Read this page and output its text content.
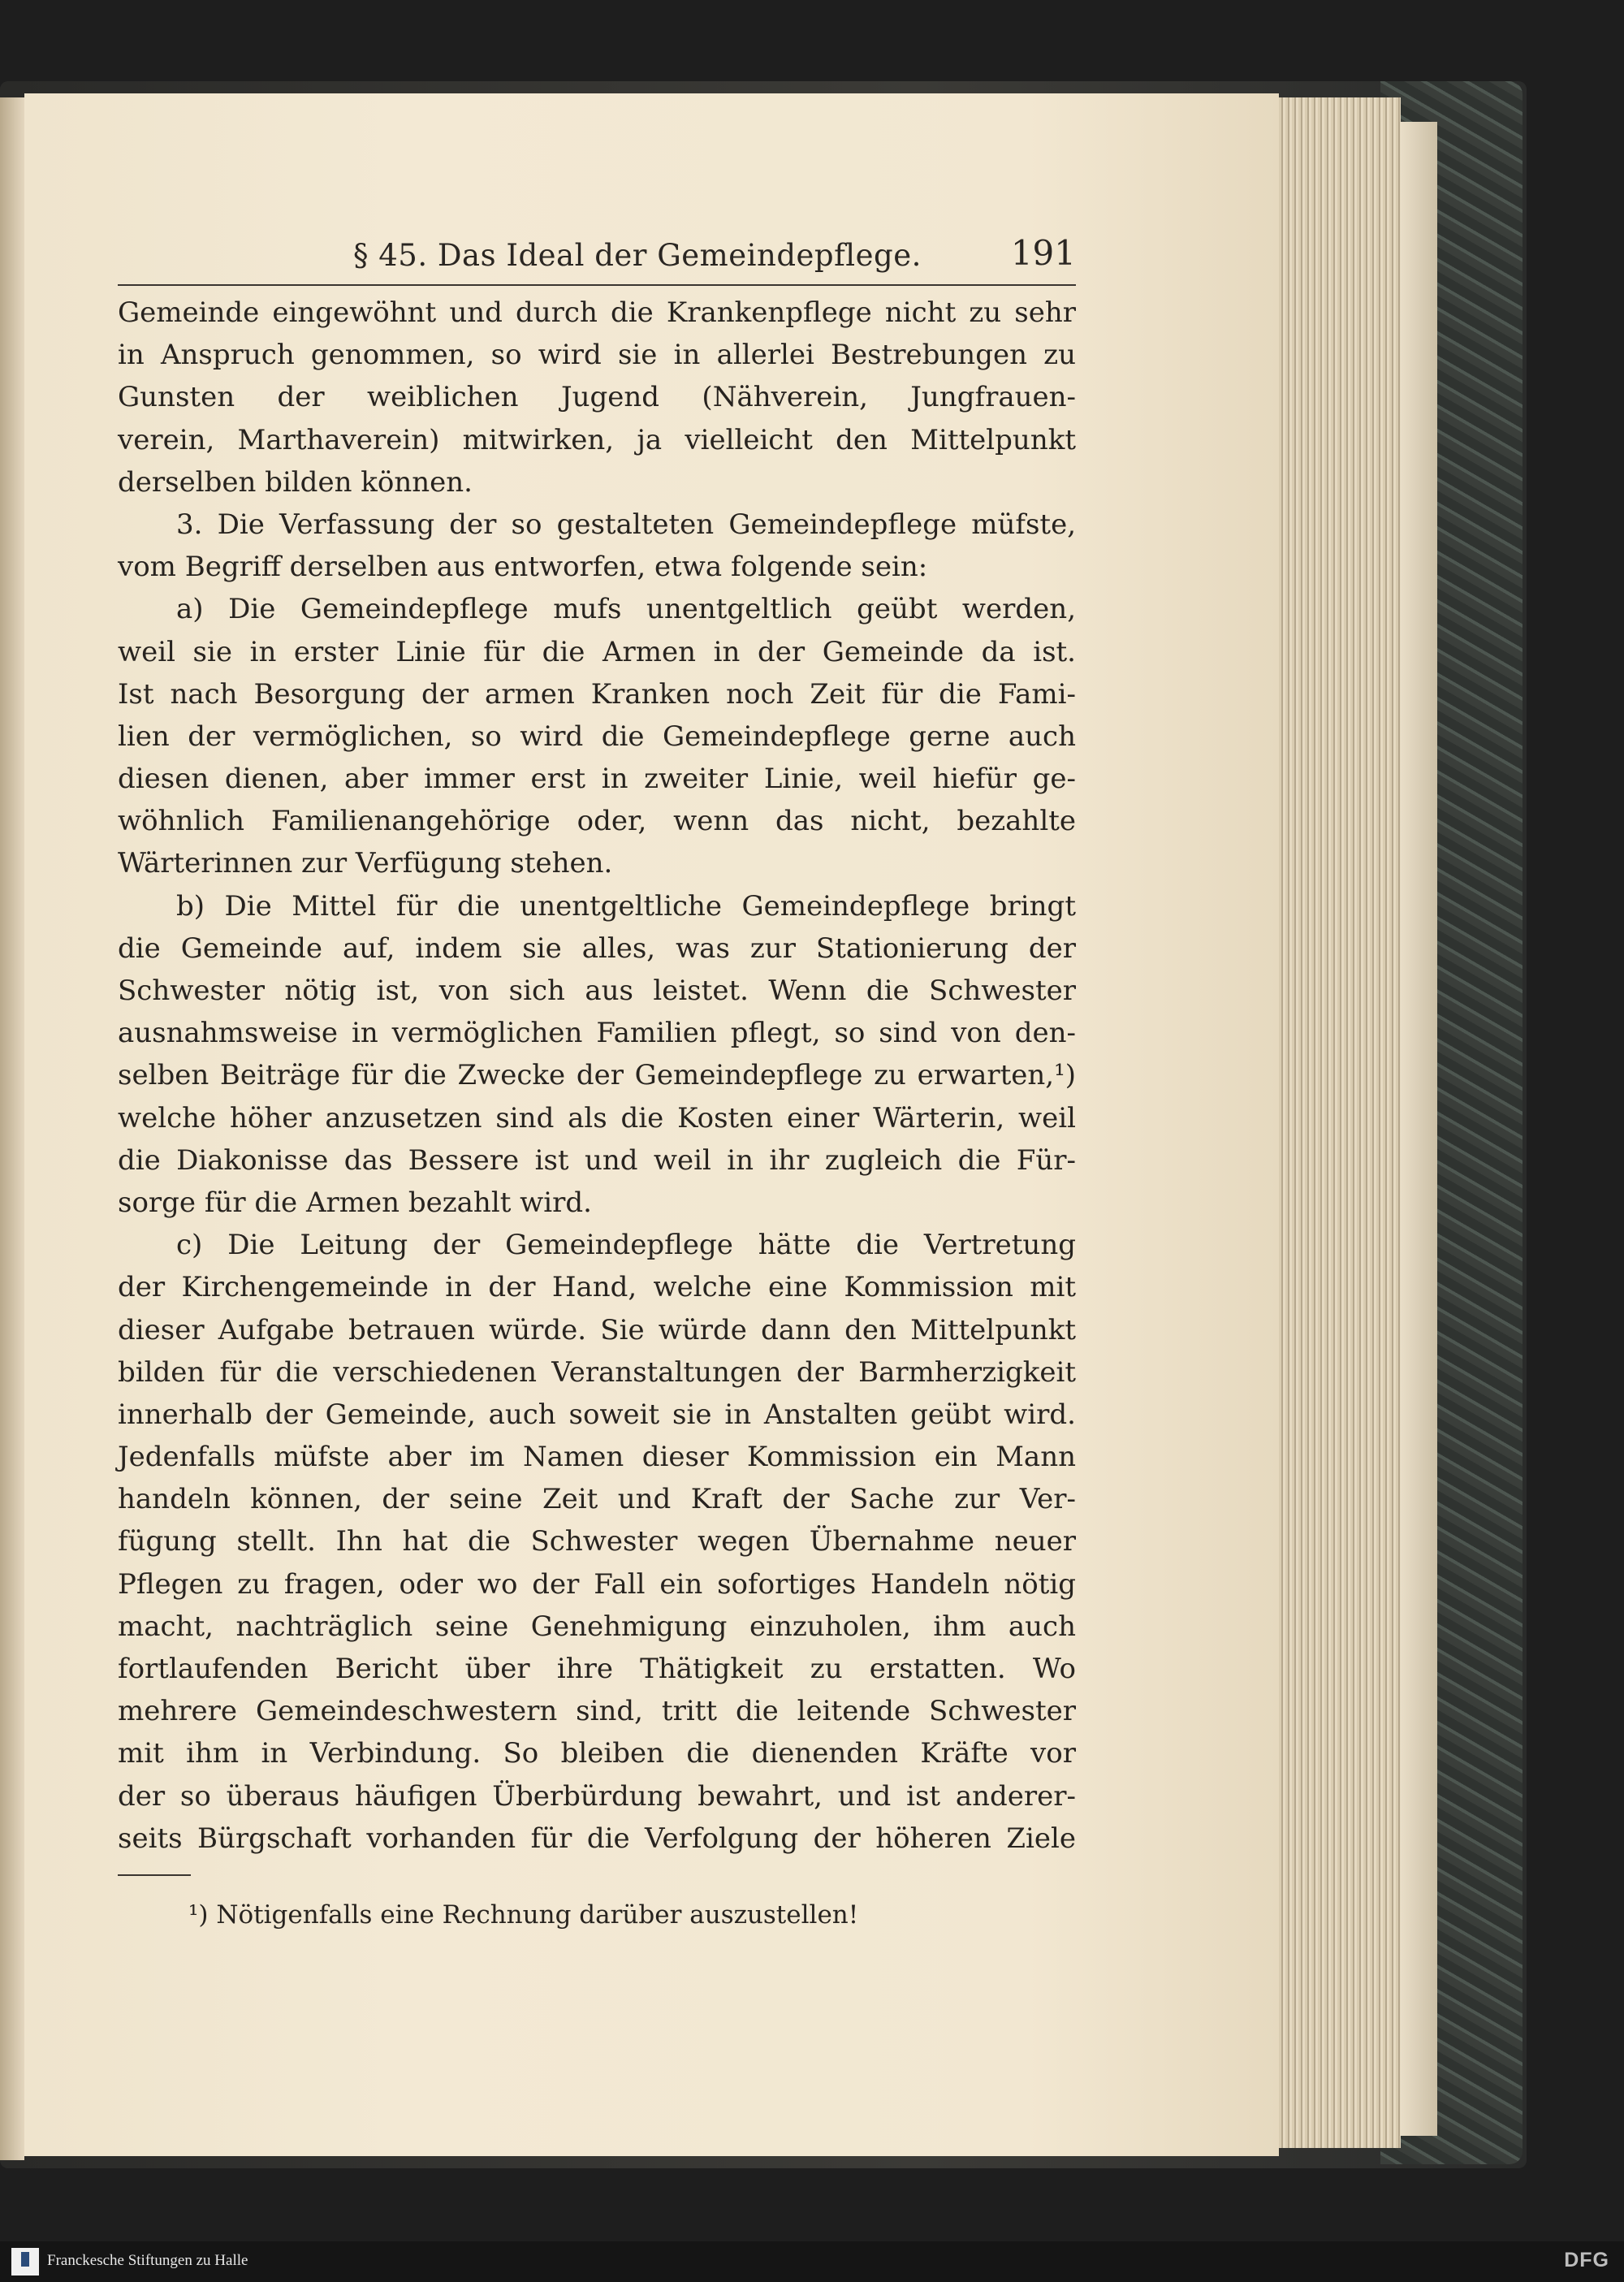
§ 45. Das Ideal der Gemeindepflege.	191
Gemeinde eingewöhnt und durch die Krankenpflege nicht zu sehr
in Anspruch genommen, so wird sie in allerlei Bestrebungen zu
Gunsten der weiblichen Jugend (Nähverein, Jungfrauen-
verein, Marthaverein) mitwirken, ja vielleicht den Mittelpunkt
derselben bilden können.
3. Die Verfassung der so gestalteten Gemeindepflege müfste,
vom Begriff derselben aus entworfen, etwa folgende sein:
a) Die Gemeindepflege mufs unentgeltlich geübt werden,
weil sie in erster Linie für die Armen in der Gemeinde da ist.
Ist nach Besorgung der armen Kranken noch Zeit für die Fami-
lien der vermöglichen, so wird die Gemeindepflege gerne auch
diesen dienen, aber immer erst in zweiter Linie, weil hiefür ge-
wöhnlich Familienangehörige oder, wenn das nicht, bezahlte
Wärterinnen zur Verfügung stehen.
b) Die Mittel für die unentgeltliche Gemeindepflege bringt
die Gemeinde auf, indem sie alles, was zur Stationierung der
Schwester nötig ist, von sich aus leistet. Wenn die Schwester
ausnahmsweise in vermöglichen Familien pflegt, so sind von den-
selben Beiträge für die Zwecke der Gemeindepflege zu erwarten,¹)
welche höher anzusetzen sind als die Kosten einer Wärterin, weil
die Diakonisse das Bessere ist und weil in ihr zugleich die Für-
sorge für die Armen bezahlt wird.
c) Die Leitung der Gemeindepflege hätte die Vertretung
der Kirchengemeinde in der Hand, welche eine Kommission mit
dieser Aufgabe betrauen würde. Sie würde dann den Mittelpunkt
bilden für die verschiedenen Veranstaltungen der Barmherzigkeit
innerhalb der Gemeinde, auch soweit sie in Anstalten geübt wird.
Jedenfalls müfste aber im Namen dieser Kommission ein Mann
handeln können, der seine Zeit und Kraft der Sache zur Ver-
fügung stellt. Ihn hat die Schwester wegen Übernahme neuer
Pflegen zu fragen, oder wo der Fall ein sofortiges Handeln nötig
macht, nachträglich seine Genehmigung einzuholen, ihm auch
fortlaufenden Bericht über ihre Thätigkeit zu erstatten. Wo
mehrere Gemeindeschwestern sind, tritt die leitende Schwester
mit ihm in Verbindung. So bleiben die dienenden Kräfte vor
der so überaus häufigen Überbürdung bewahrt, und ist anderer-
seits Bürgschaft vorhanden für die Verfolgung der höheren Ziele
¹) Nötigenfalls eine Rechnung darüber auszustellen!
Franckesche Stiftungen zu Halle	DFG
